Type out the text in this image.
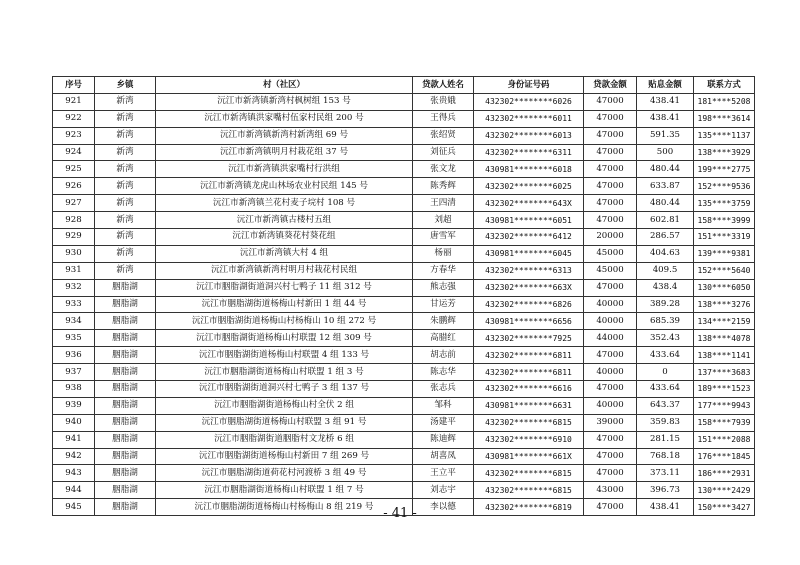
序号	乡镇	村（社区）	贷款人姓名	身份证号码	贷款金额	贴息金额	联系方式
921	新湾	沅江市新湾镇新湾村枫树组 153 号	张贵娥	432302********6026	47000	438.41	181****5208
922	新湾	沅江市新湾镇洪家嘴村伍家村民组 200 号	王得兵	432302********6011	47000	438.41	198****3614
923	新湾	沅江市新湾镇新湾村新湾组 69 号	张绍贤	432302********6013	47000	591.35	135****1137
924	新湾	沅江市新湾镇明月村栽花组 37 号	刘征兵	432302********6311	47000	500	138****3929
925	新湾	沅江市新湾镇洪家嘴村行洪组	张文龙	430981********6018	47000	480.44	199****2775
926	新湾	沅江市新湾镇龙虎山林场农业村民组 145 号	陈秀辉	432302********6025	47000	633.87	152****9536
927	新湾	沅江市新湾镇兰花村麦子垸村 108 号	王四清	432302********643X	47000	480.44	135****3759
928	新湾	沅江市新湾镇古楼村五组	刘超	430981********6051	47000	602.81	158****3999
929	新湾	沅江市新湾镇葵花村葵花组	唐雪军	432302********6412	20000	286.57	151****3319
930	新湾	沅江市新湾镇大村 4 组	杨丽	430981********6045	45000	404.63	139****9381
931	新湾	沅江市新湾镇新湾村明月村栽花村民组	方春华	432302********6313	45000	409.5	152****5640
932	胭脂湖	沅江市胭脂湖街道洞兴村七鸭子 11 组 312 号	熊志强	432302********663X	47000	438.4	130****6050
933	胭脂湖	沅江市胭脂湖街道杨梅山村新田 1 组 44 号	甘运芳	432302********6826	40000	389.28	138****3276
934	胭脂湖	沅江市胭脂湖街道杨梅山村杨梅山 10 组 272 号	朱鹏辉	430981********6656	40000	685.39	134****2159
935	胭脂湖	沅江市胭脂湖街道杨梅山村联盟 12 组 309 号	高腊红	432302********7925	44000	352.43	138****4078
936	胭脂湖	沅江市胭脂湖街道杨梅山村联盟 4 组 133 号	胡志前	432302********6811	47000	433.64	138****1141
937	胭脂湖	沅江市胭脂湖街道杨梅山村联盟 1 组 3 号	陈志华	432302********6811	40000	0	137****3683
938	胭脂湖	沅江市胭脂湖街道洞兴村七鸭子 3 组 137 号	张志兵	432302********6616	47000	433.64	189****1523
939	胭脂湖	沅江市胭脂湖街道杨梅山村全伏 2 组	邹科	430981********6631	40000	643.37	177****9943
940	胭脂湖	沅江市胭脂湖街道杨梅山村联盟 3 组 91 号	汤建平	432302********6815	39000	359.83	158****7939
941	胭脂湖	沅江市胭脂湖街道胭脂村文龙桥 6 组	陈迪辉	432302********6910	47000	281.15	151****2088
942	胭脂湖	沅江市胭脂湖街道杨梅山村新田 7 组 269 号	胡喜凤	430981********661X	47000	768.18	176****1845
943	胭脂湖	沅江市胭脂湖街道荷花村河渡桥 3 组 49 号	王立平	432302********6815	47000	373.11	186****2931
944	胭脂湖	沅江市胭脂湖街道杨梅山村联盟 1 组 7 号	刘志宇	432302********6815	43000	396.73	130****2429
945	胭脂湖	沅江市胭脂湖街道杨梅山村杨梅山 8 组 219 号	李以德	432302********6819	47000	438.41	150****3427
- 41 -
